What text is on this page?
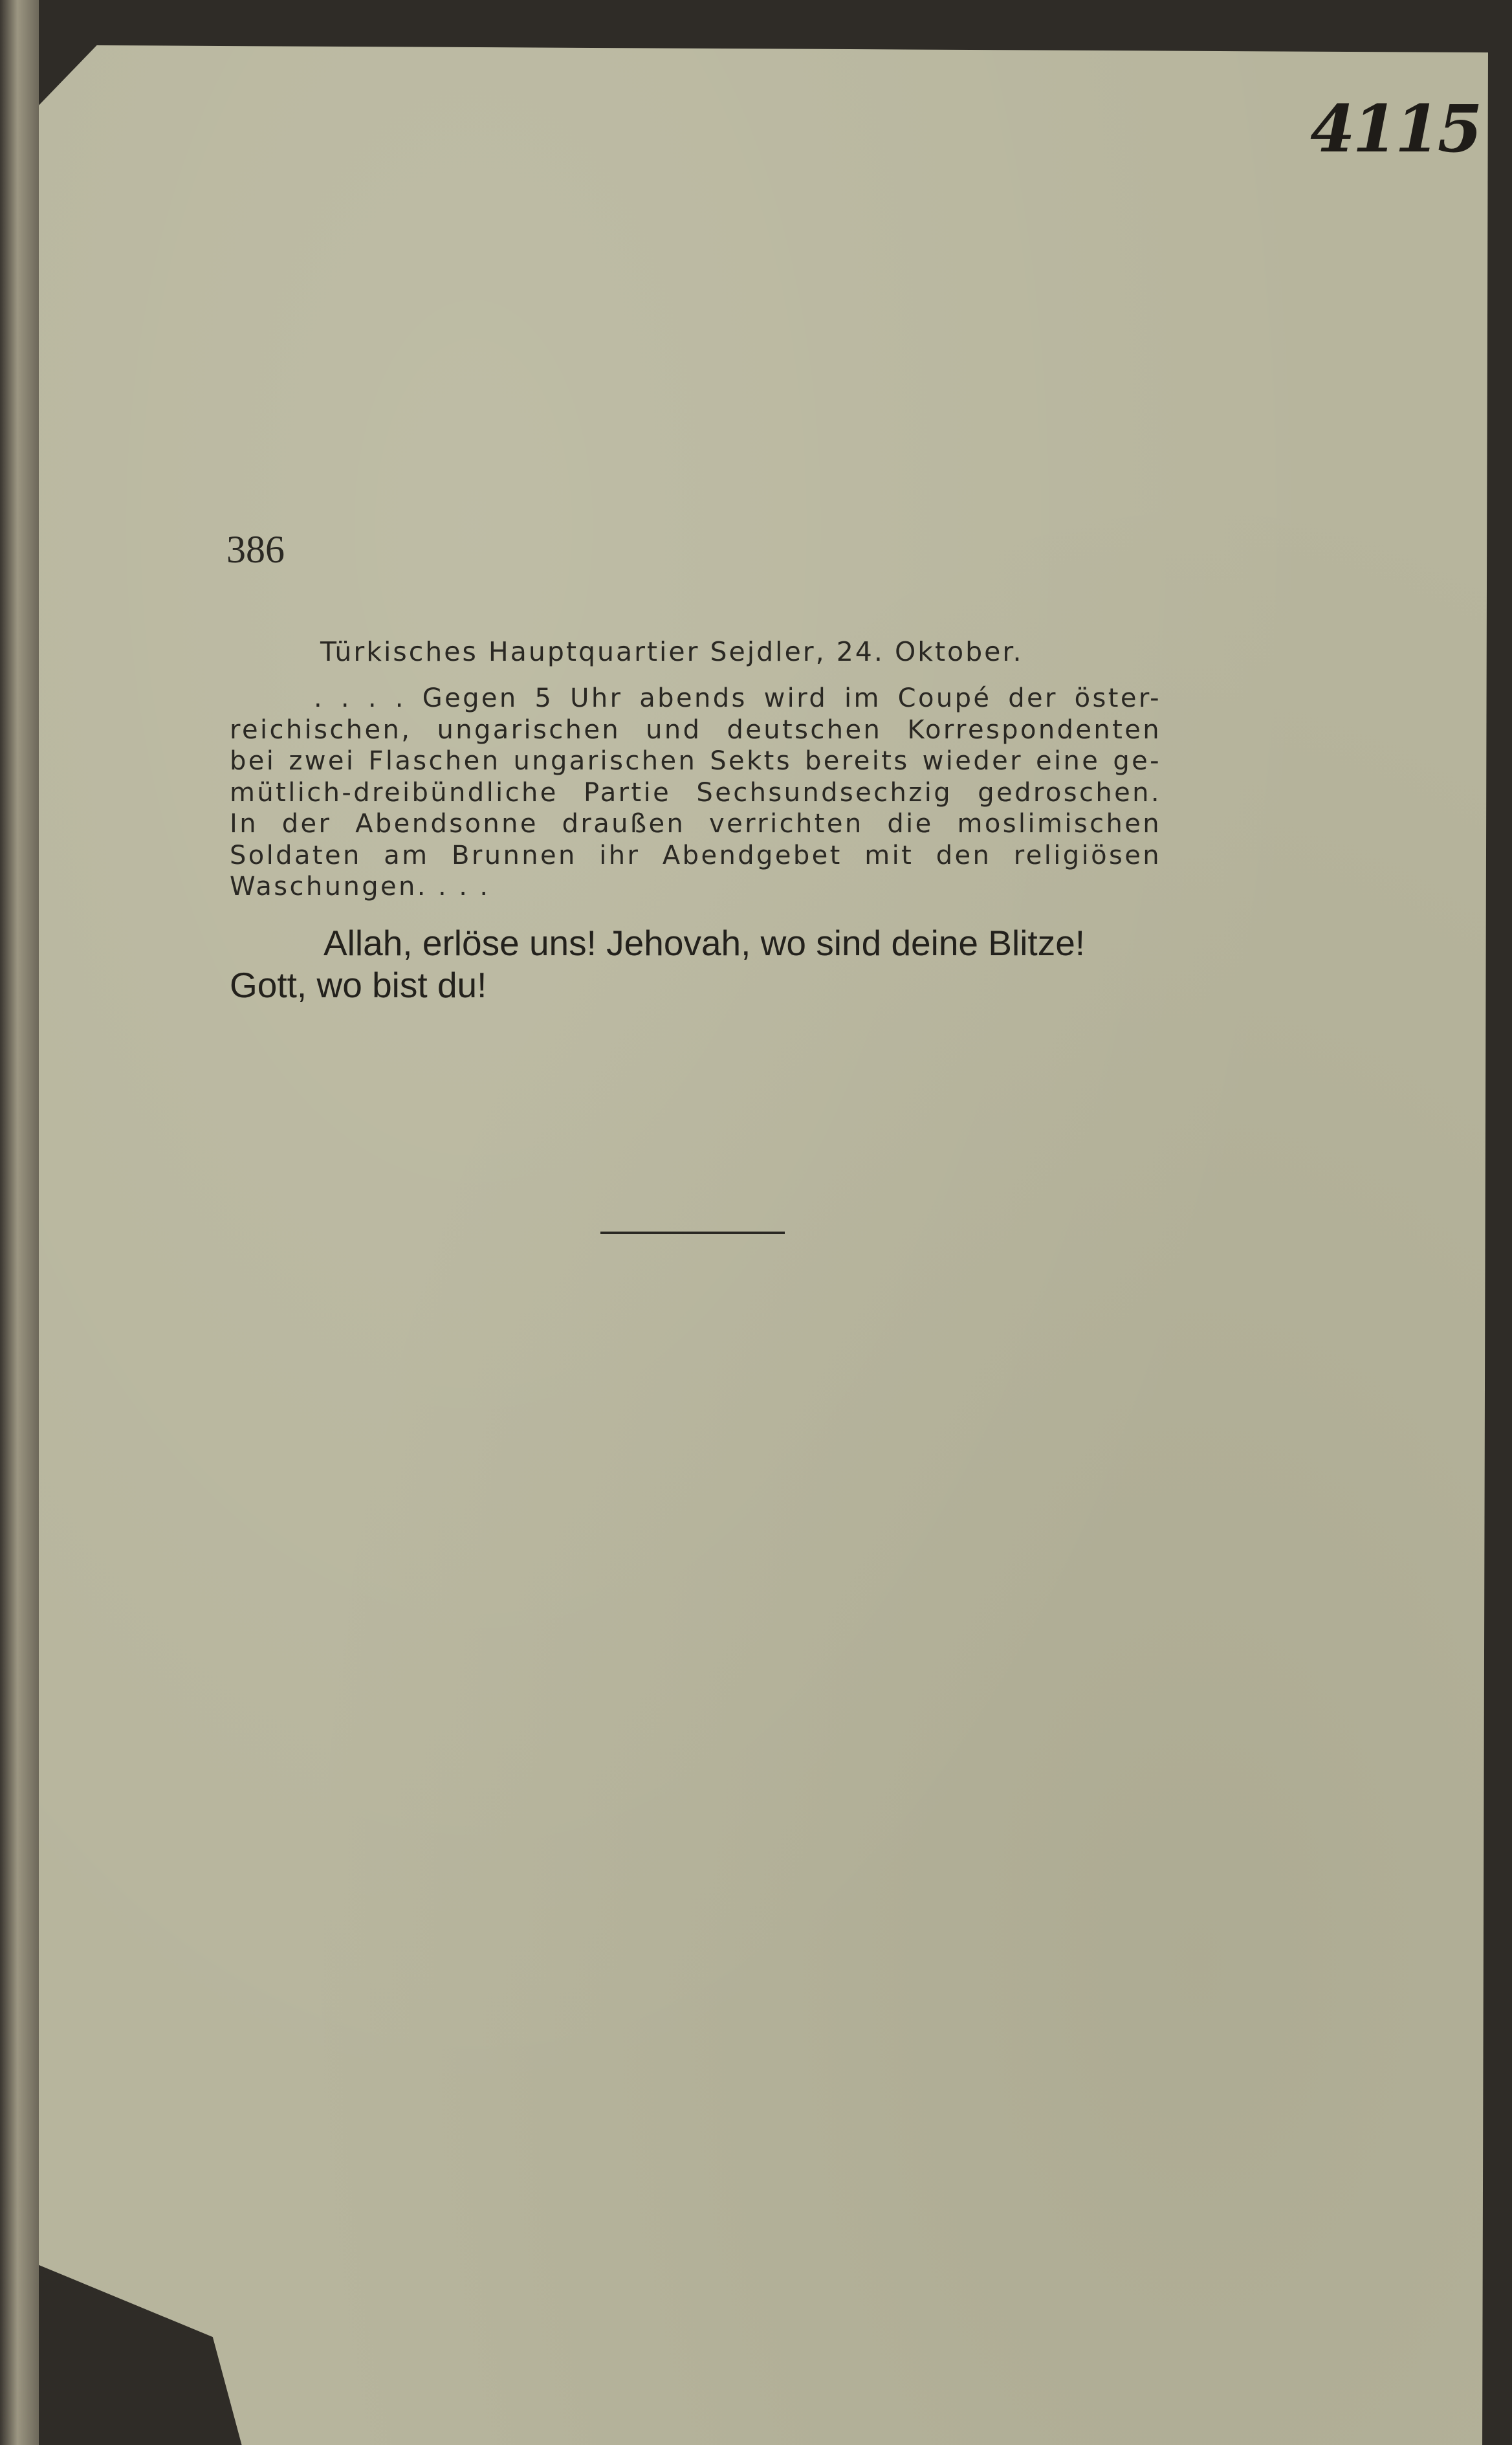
4115
386
Türkisches Hauptquartier Sejdler, 24. Oktober.
. . . . Gegen 5 Uhr abends wird im Coupé der öster-
reichischen, ungarischen und deutschen Korrespondenten
bei zwei Flaschen ungarischen Sekts bereits wieder eine ge-
mütlich-dreibündliche Partie Sechsundsechzig gedroschen.
In der Abendsonne draußen verrichten die moslimischen
Soldaten am Brunnen ihr Abendgebet mit den religiösen
Waschungen. . . .
Allah, erlöse uns! Jehovah, wo sind deine Blitze!
Gott, wo bist du!
